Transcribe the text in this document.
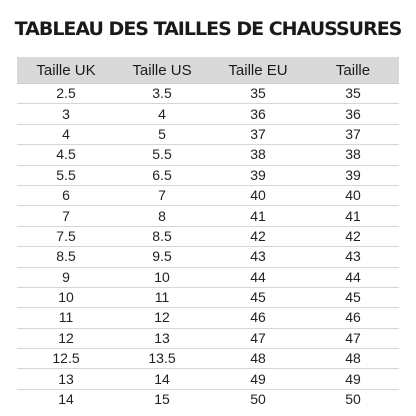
TABLEAU DES TAILLES DE CHAUSSURES
Taille UK	Taille US	Taille EU	Taille
2.5	3.5	35	35
3	4	36	36
4	5	37	37
4.5	5.5	38	38
5.5	6.5	39	39
6	7	40	40
7	8	41	41
7.5	8.5	42	42
8.5	9.5	43	43
9	10	44	44
10	11	45	45
11	12	46	46
12	13	47	47
12.5	13.5	48	48
13	14	49	49
14	15	50	50
